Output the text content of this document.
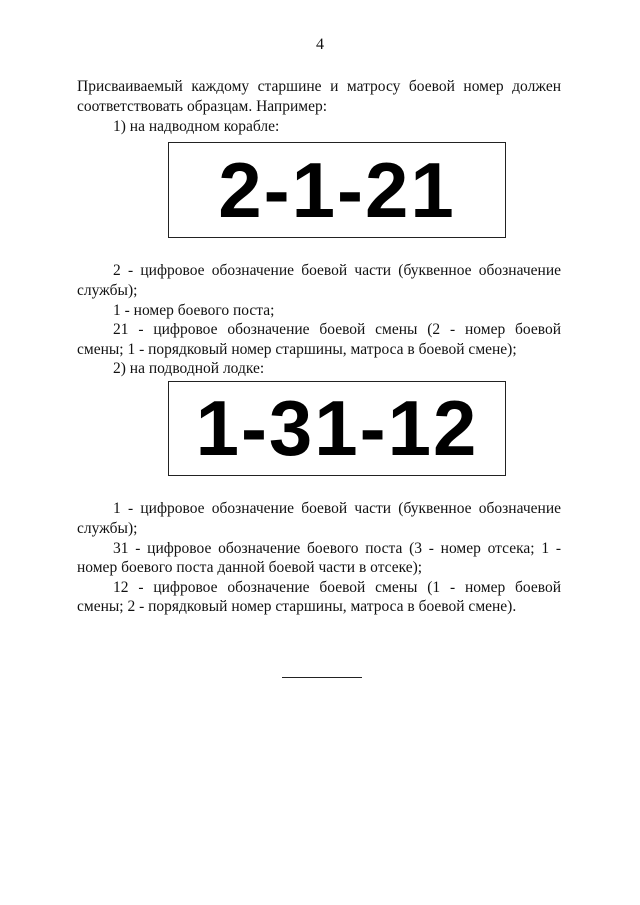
4
Присваиваемый каждому старшине и матросу боевой номер должен
соответствовать образцам. Например:
1) на надводном корабле:
2-1-21
2 - цифровое обозначение боевой части (буквенное обозначение
службы);
1 - номер боевого поста;
21 - цифровое обозначение боевой смены (2 - номер боевой
смены; 1 - порядковый номер старшины, матроса в боевой смене);
2) на подводной лодке:
1-31-12
1 - цифровое обозначение боевой части (буквенное обозначение
службы);
31 - цифровое обозначение боевого поста (3 - номер отсека; 1 -
номер боевого поста данной боевой части в отсеке);
12 - цифровое обозначение боевой смены (1 - номер боевой
смены; 2 - порядковый номер старшины, матроса в боевой смене).
